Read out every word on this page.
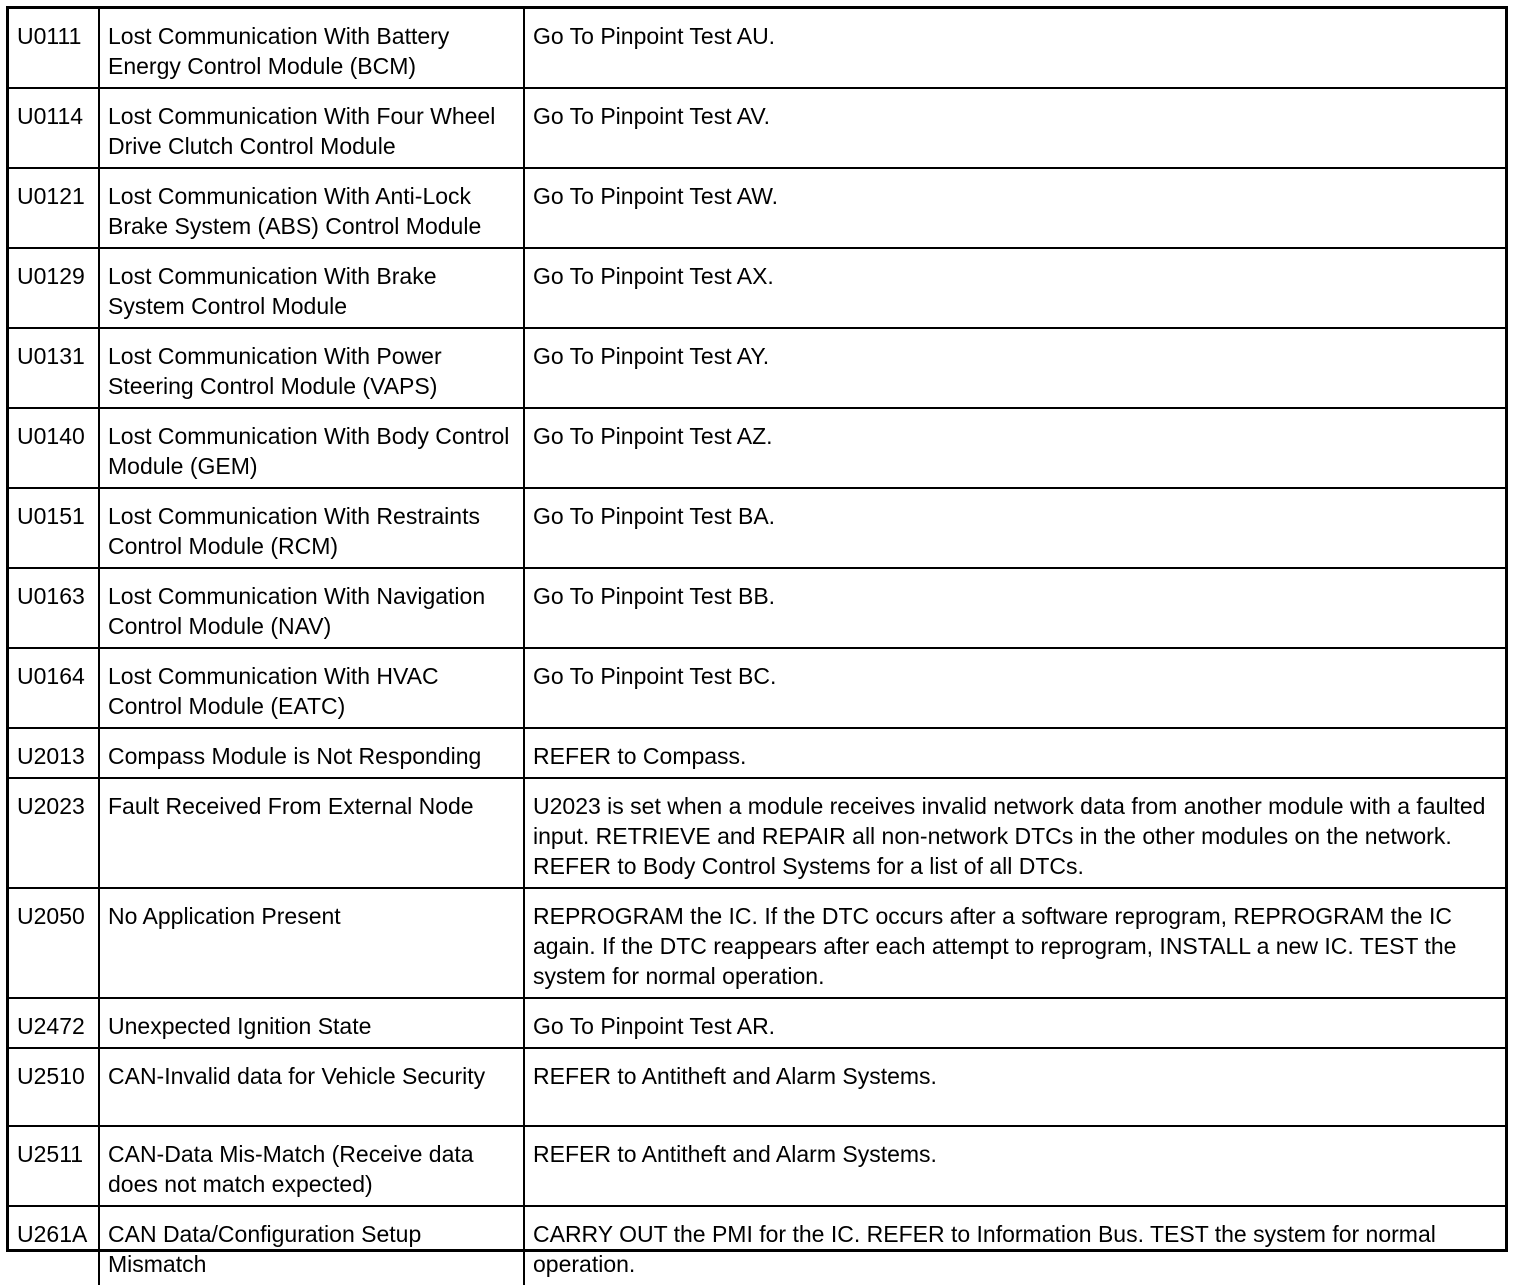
U0111	Lost Communication With Battery Energy Control Module (BCM)	Go To Pinpoint Test AU.
U0114	Lost Communication With Four Wheel Drive Clutch Control Module	Go To Pinpoint Test AV.
U0121	Lost Communication With Anti-Lock Brake System (ABS) Control Module	Go To Pinpoint Test AW.
U0129	Lost Communication With Brake System Control Module	Go To Pinpoint Test AX.
U0131	Lost Communication With Power Steering Control Module (VAPS)	Go To Pinpoint Test AY.
U0140	Lost Communication With Body Control Module (GEM)	Go To Pinpoint Test AZ.
U0151	Lost Communication With Restraints Control Module (RCM)	Go To Pinpoint Test BA.
U0163	Lost Communication With Navigation Control Module (NAV)	Go To Pinpoint Test BB.
U0164	Lost Communication With HVAC Control Module (EATC)	Go To Pinpoint Test BC.
U2013	Compass Module is Not Responding	REFER to Compass.
U2023	Fault Received From External Node	U2023 is set when a module receives invalid network data from another module with a faulted input. RETRIEVE and REPAIR all non-network DTCs in the other modules on the network. REFER to Body Control Systems for a list of all DTCs.
U2050	No Application Present	REPROGRAM the IC. If the DTC occurs after a software reprogram, REPROGRAM the IC again. If the DTC reappears after each attempt to reprogram, INSTALL a new IC. TEST the system for normal operation.
U2472	Unexpected Ignition State	Go To Pinpoint Test AR.
U2510	CAN-Invalid data for Vehicle Security	REFER to Antitheft and Alarm Systems.
U2511	CAN-Data Mis-Match (Receive data does not match expected)	REFER to Antitheft and Alarm Systems.
U261A	CAN Data/Configuration Setup Mismatch	CARRY OUT the PMI for the IC. REFER to Information Bus. TEST the system for normal operation.
